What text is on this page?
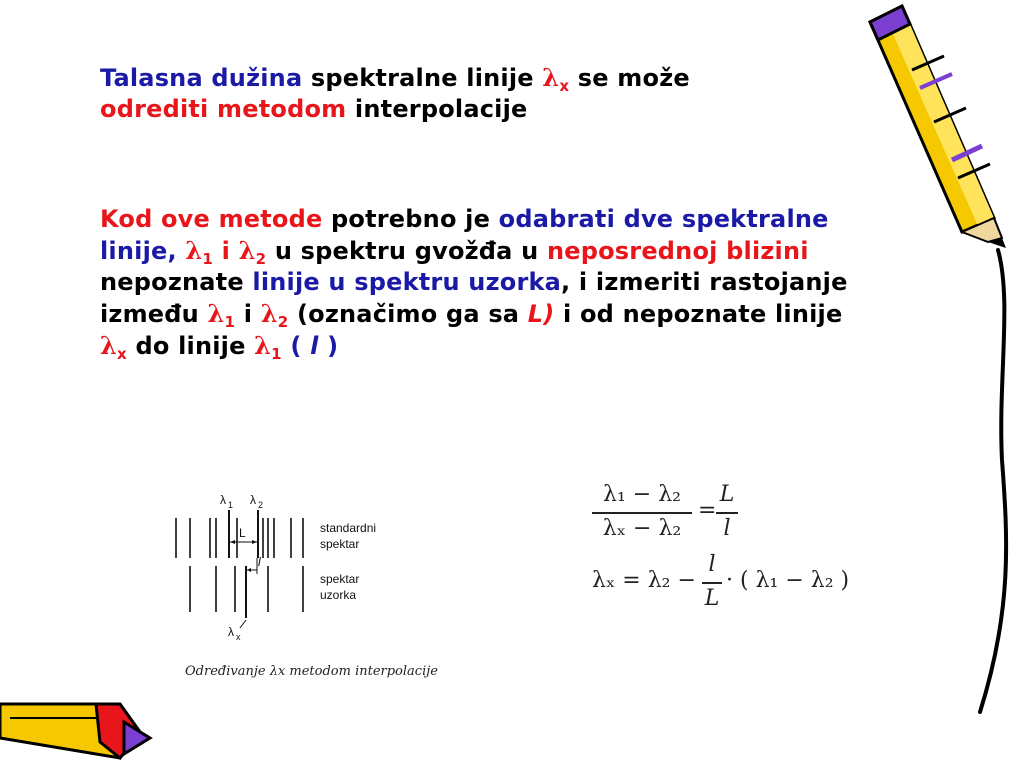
Talasna dužina spektralne linije $\lambda_x$ se može
odrediti metodom interpolacije
Kod ove metode potrebno je odabrati dve spektralne linije, $\lambda_1$ i $\lambda_2$ u spektru gvožđa u neposrednoj blizini nepoznate linije u spektru uzorka, i izmeriti rastojanje između $\lambda_1$ i $\lambda_2$ (označimo ga sa L) i od nepoznate linije $\lambda_x$ do linije $\lambda_1$ ( l )

λ 1 λ 2
L
l
λ x
standardni
spektar
spektar
uzorka
Određivanje λx metodom interpolacije
λ₁ − λ₂
λₓ − λ₂
=
L
l
λₓ = λ₂ −
l
L
· ( λ₁ − λ₂ )
